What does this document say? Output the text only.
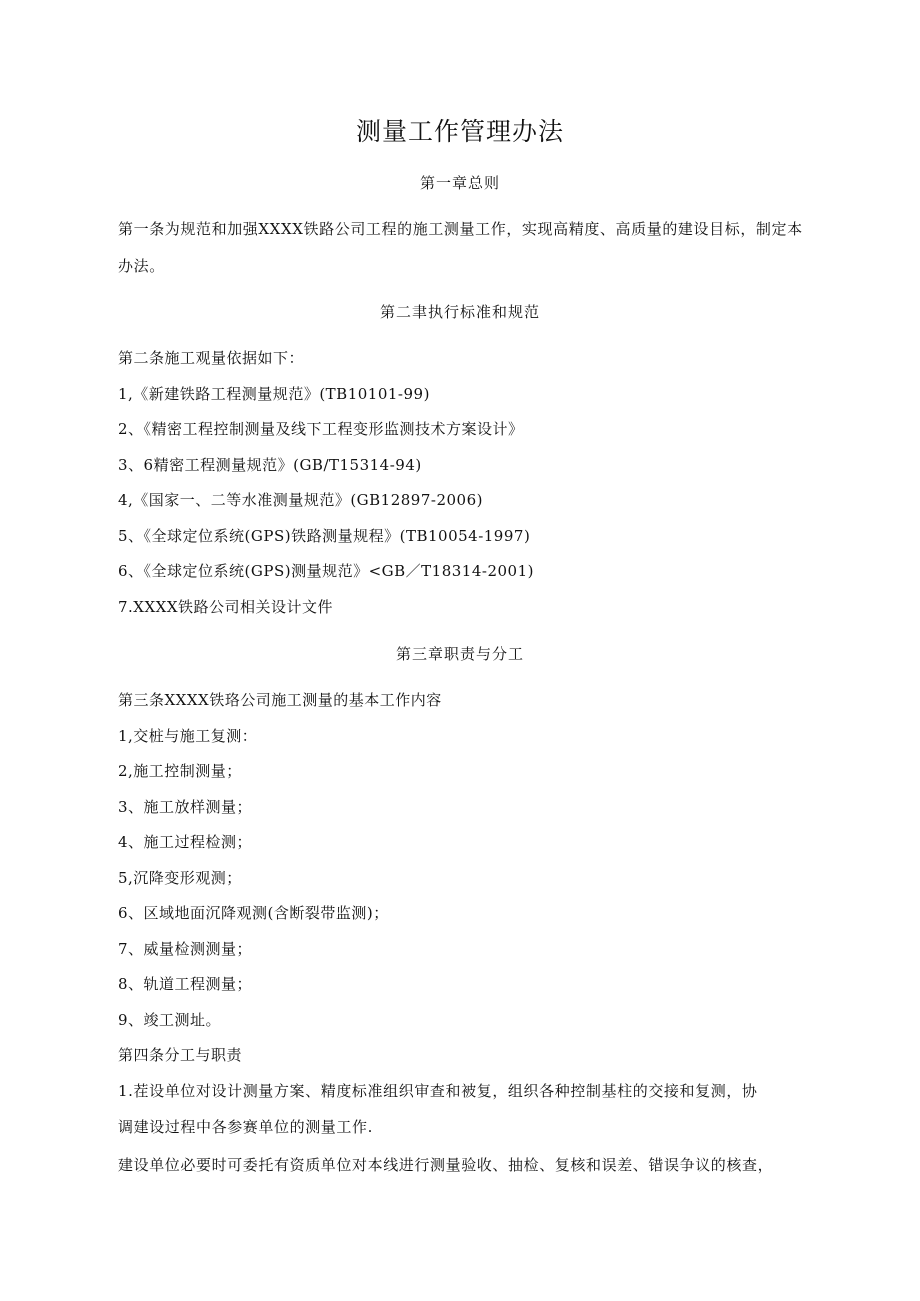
测量工作管理办法
第一章总则
第一条为规范和加强XXXX铁路公司工程的施工测量工作，实现高精度、高质量的建设目标，制定本
办法。
第二聿执行标准和规范
第二条施工观量依据如下：
1,《新建铁路工程测量规范》(TB10101-99)
2、《精密工程控制测量及线下工程变形监测技术方案设计》
3、6精密工程测量规范》(GB/T15314-94)
4,《国家一、二等水准测量规范》(GB12897-2006)
5、《全球定位系统(GPS)铁路测量规程》(TB10054-1997)
6、《全球定位系统(GPS)测量规范》<GB／T18314-2001)
7.XXXX铁路公司相关设计文件
第三章职责与分工
第三条XXXX铁珞公司施工测量的基本工作内容
1,交桩与施工复测：
2,施工控制测量；
3、施工放样测量；
4、施工过程检测；
5,沉降变形观测；
6、区域地面沉降观测(含断裂带监测)；
7、威量检测测量；
8、轨道工程测量；
9、竣工测址。
第四条分工与职责
1.茬设单位对设计测量方案、精度标准组织审查和被复，组织各种控制基柱的交接和复测，协
调建设过程中各参赛单位的测量工作.
建设单位必要时可委托有资质单位对本线进行测量验收、抽检、复核和误差、错误争议的核查，
